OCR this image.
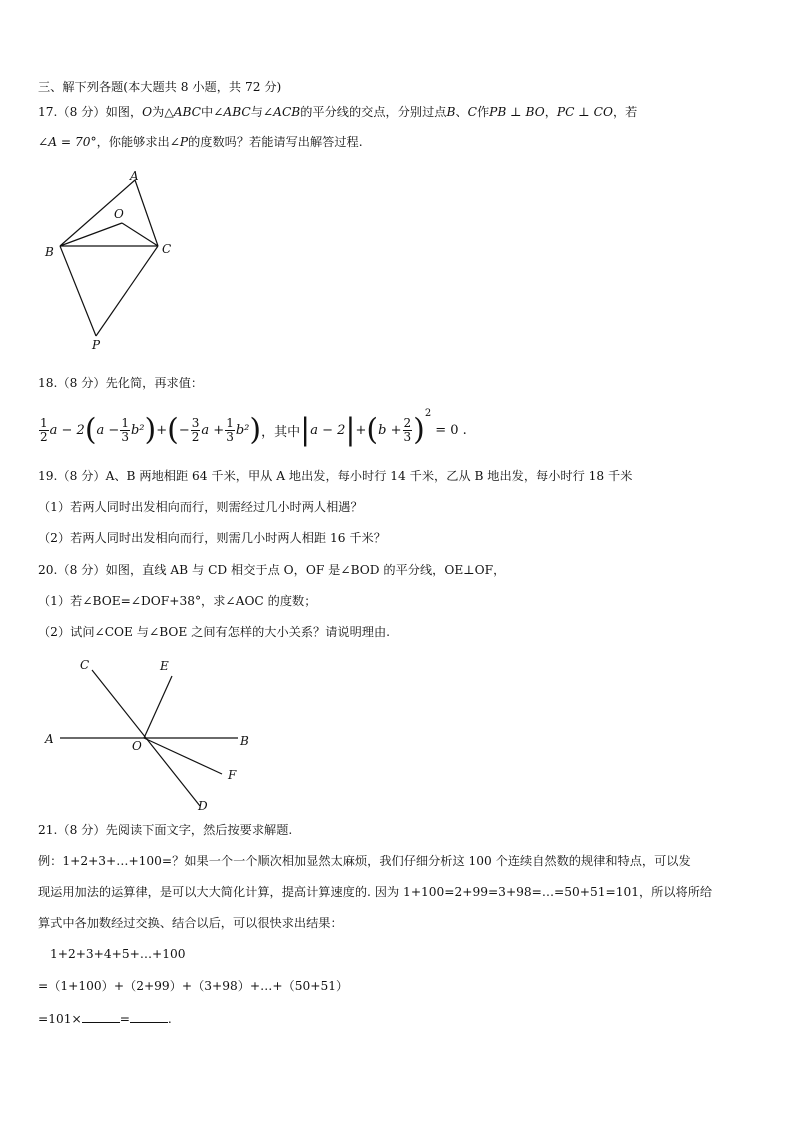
三、解下列各题(本大题共 8 小题，共 72 分)
17.（8 分）如图，O为△ABC中∠ABC与∠ACB的平分线的交点，分别过点B、C作PB ⊥ BO，PC ⊥ CO，若
∠A = 70°，你能够求出∠P的度数吗？若能请写出解答过程.
A
O
B	C
P
18.（8 分）先化简，再求值：
$\frac{1}{2}$ $a - 2(a - \frac{1}{3} b^2)+(- \frac{3}{2}$ $a + \frac{1}{3} b^2$)，其中$|a - 2|+(b + \frac{2}{3} )^2= 0$ .
19.（8 分）A、B 两地相距 64 千米，甲从 A 地出发，每小时行 14 千米，乙从 B 地出发，每小时行 18 千米
（1）若两人同时出发相向而行，则需经过几小时两人相遇？
（2）若两人同时出发相向而行，则需几小时两人相距 16 千米？
20.（8 分）如图，直线 AB 与 CD 相交于点 O，OF 是∠BOD 的平分线，OE⊥OF，
（1）若∠BOE=∠DOF+38°，求∠AOC 的度数；
（2）试问∠COE 与∠BOE 之间有怎样的大小关系？请说明理由.
C	E
A	O	B
F
D
21.（8 分）先阅读下面文字，然后按要求解题.
例：1+2+3+…+100=？如果一个一个顺次相加显然太麻烦，我们仔细分析这 100 个连续自然数的规律和特点，可以发
现运用加法的运算律，是可以大大简化计算，提高计算速度的. 因为 1+100=2+99=3+98=…=50+51=101，所以将所给
算式中各加数经过交换、结合以后，可以很快求出结果：
1+2+3+4+5+…+100
=（1+100）+（2+99）+（3+98）+…+（50+51）
=101×	=	.
